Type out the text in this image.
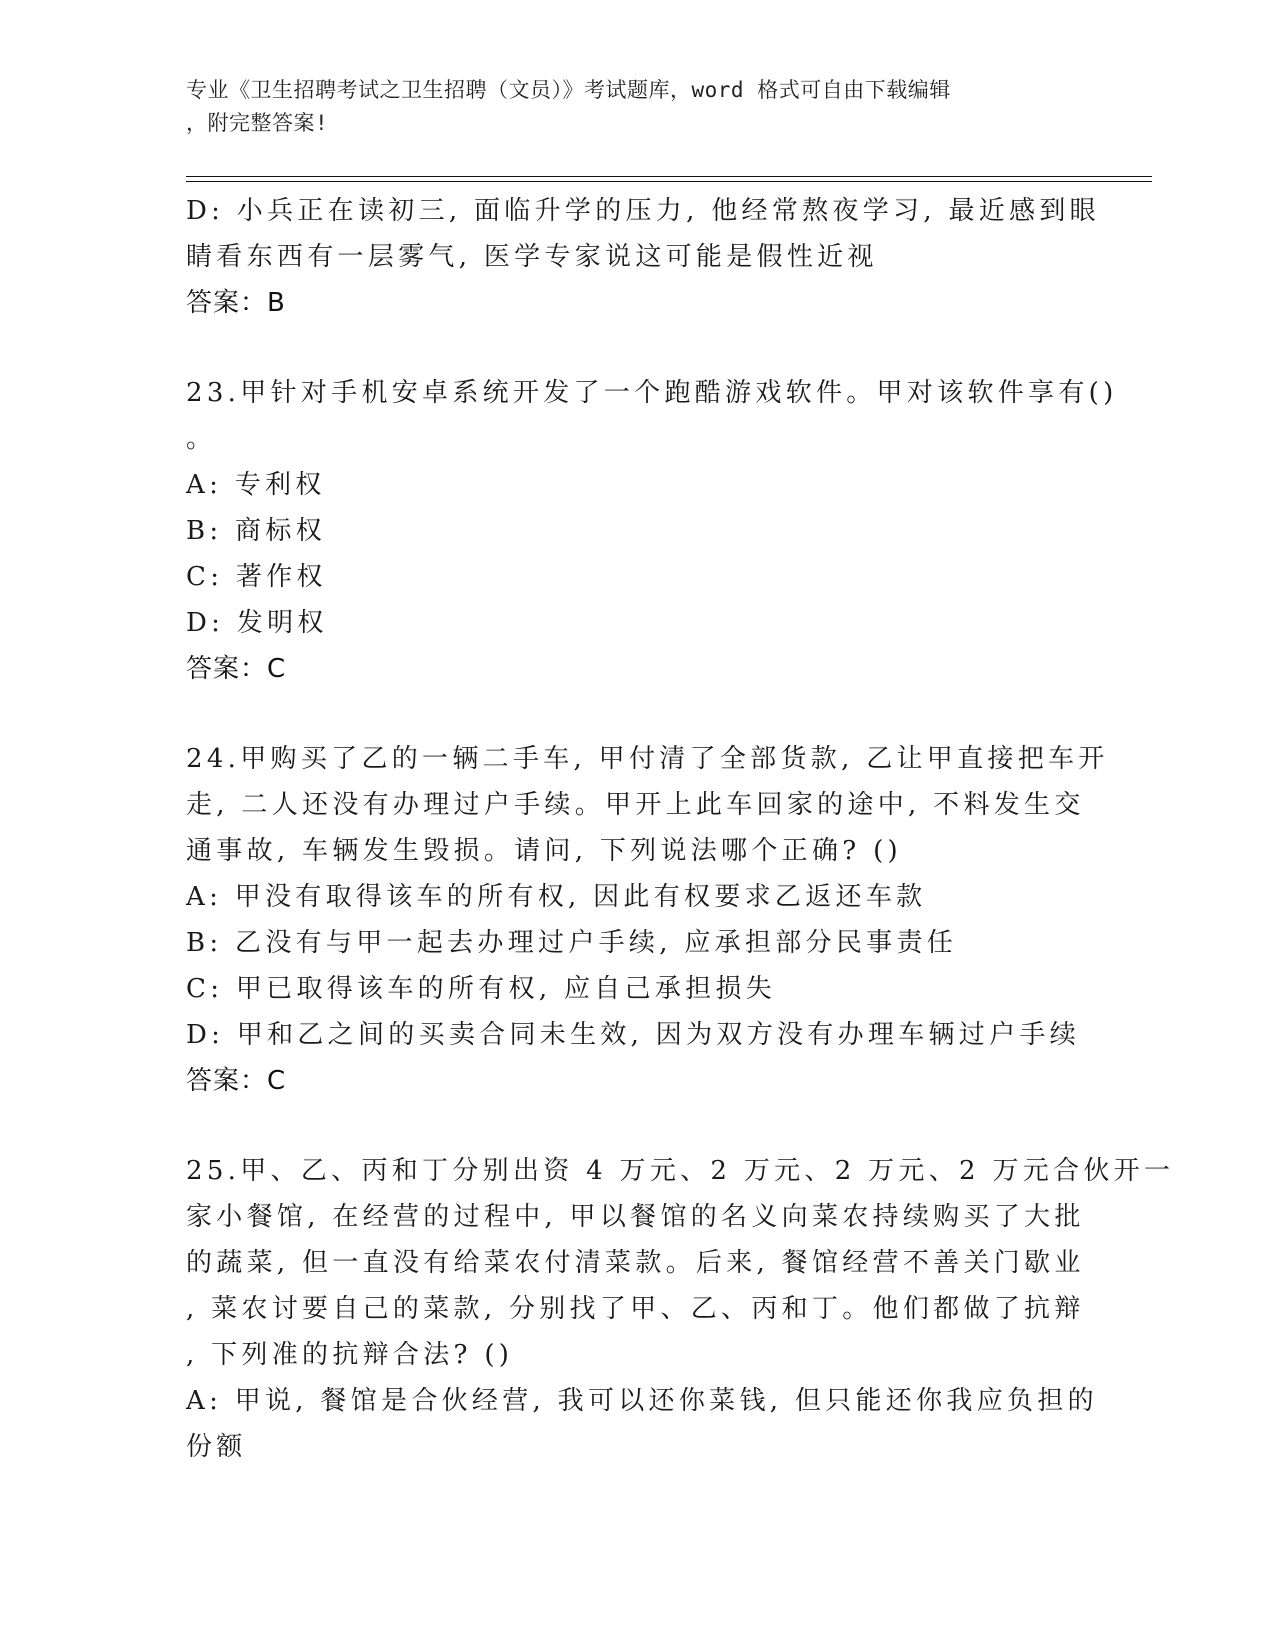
专业《卫生招聘考试之卫生招聘（文员）》考试题库，word 格式可自由下载编辑
，附完整答案!
D: 小兵正在读初三, 面临升学的压力, 他经常熬夜学习, 最近感到眼
睛看东西有一层雾气, 医学专家说这可能是假性近视
答案：B
23.甲针对手机安卓系统开发了一个跑酷游戏软件。甲对该软件享有()
。
A: 专利权
B: 商标权
C: 著作权
D: 发明权
答案：C
24.甲购买了乙的一辆二手车, 甲付清了全部货款, 乙让甲直接把车开
走, 二人还没有办理过户手续。甲开上此车回家的途中, 不料发生交
通事故, 车辆发生毁损。请问, 下列说法哪个正确? ()
A: 甲没有取得该车的所有权, 因此有权要求乙返还车款
B: 乙没有与甲一起去办理过户手续, 应承担部分民事责任
C: 甲已取得该车的所有权, 应自己承担损失
D: 甲和乙之间的买卖合同未生效, 因为双方没有办理车辆过户手续
答案：C
25.甲、乙、丙和丁分别出资 4 万元、2 万元、2 万元、2 万元合伙开一
家小餐馆, 在经营的过程中, 甲以餐馆的名义向菜农持续购买了大批
的蔬菜, 但一直没有给菜农付清菜款。后来, 餐馆经营不善关门歇业
, 菜农讨要自己的菜款, 分别找了甲、乙、丙和丁。他们都做了抗辩
, 下列准的抗辩合法? ()
A: 甲说, 餐馆是合伙经营, 我可以还你菜钱, 但只能还你我应负担的
份额
